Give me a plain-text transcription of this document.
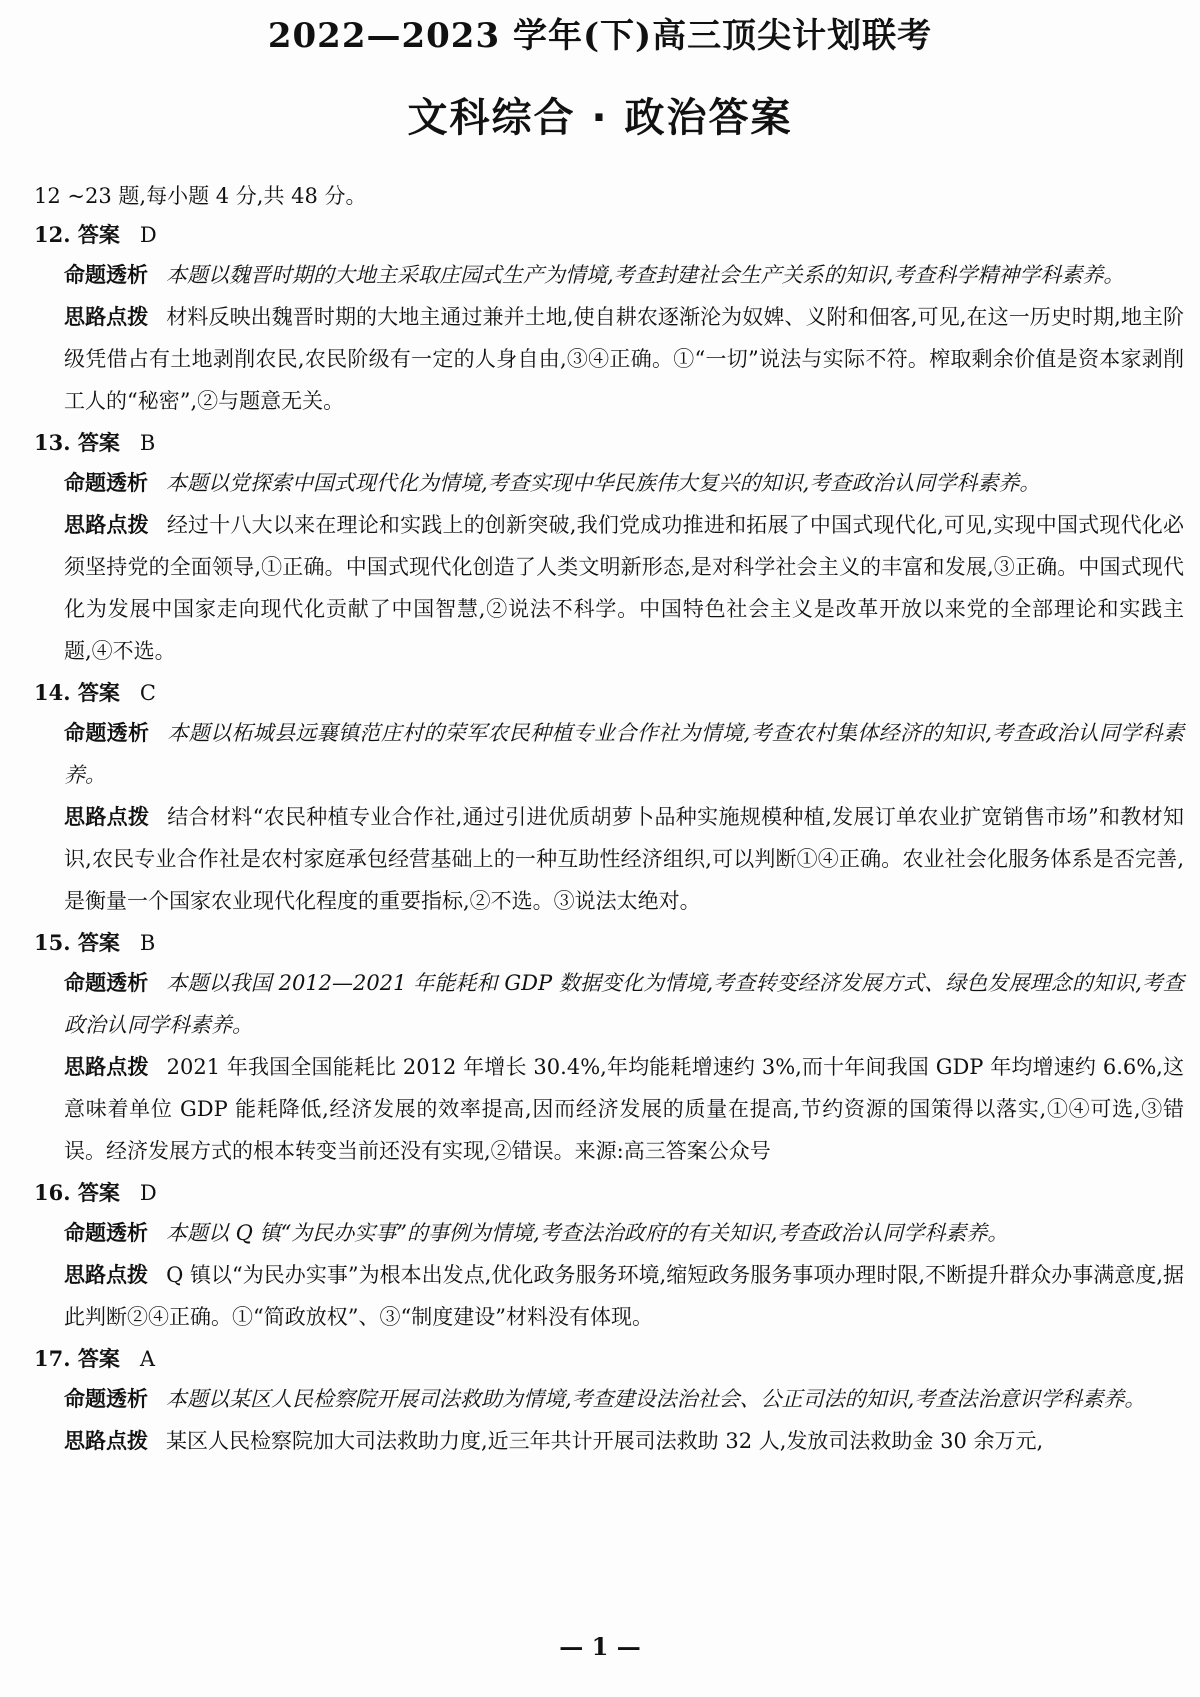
2022—2023 学年(下)高三顶尖计划联考
文科综合 · 政治答案
12 ~23 题,每小题 4 分,共 48 分。
12. 答案 D
命题透析 本题以魏晋时期的大地主采取庄园式生产为情境,考查封建社会生产关系的知识,考查科学精神学科素养。
思路点拨 材料反映出魏晋时期的大地主通过兼并土地,使自耕农逐渐沦为奴婢、义附和佃客,可见,在这一历史时期,地主阶级凭借占有土地剥削农民,农民阶级有一定的人身自由,③④正确。①“一切”说法与实际不符。榨取剩余价值是资本家剥削工人的“秘密”,②与题意无关。
13. 答案 B
命题透析 本题以党探索中国式现代化为情境,考查实现中华民族伟大复兴的知识,考查政治认同学科素养。
思路点拨 经过十八大以来在理论和实践上的创新突破,我们党成功推进和拓展了中国式现代化,可见,实现中国式现代化必须坚持党的全面领导,①正确。中国式现代化创造了人类文明新形态,是对科学社会主义的丰富和发展,③正确。中国式现代化为发展中国家走向现代化贡献了中国智慧,②说法不科学。中国特色社会主义是改革开放以来党的全部理论和实践主题,④不选。
14. 答案 C
命题透析 本题以柘城县远襄镇范庄村的荣军农民种植专业合作社为情境,考查农村集体经济的知识,考查政治认同学科素养。
思路点拨 结合材料“农民种植专业合作社,通过引进优质胡萝卜品种实施规模种植,发展订单农业扩宽销售市场”和教材知识,农民专业合作社是农村家庭承包经营基础上的一种互助性经济组织,可以判断①④正确。农业社会化服务体系是否完善,是衡量一个国家农业现代化程度的重要指标,②不选。③说法太绝对。
15. 答案 B
命题透析 本题以我国 2012—2021 年能耗和 GDP 数据变化为情境,考查转变经济发展方式、绿色发展理念的知识,考查政治认同学科素养。
思路点拨 2021 年我国全国能耗比 2012 年增长 30.4%,年均能耗增速约 3%,而十年间我国 GDP 年均增速约 6.6%,这意味着单位 GDP 能耗降低,经济发展的效率提高,因而经济发展的质量在提高,节约资源的国策得以落实,①④可选,③错误。经济发展方式的根本转变当前还没有实现,②错误。来源:高三答案公众号
16. 答案 D
命题透析 本题以 Q 镇“为民办实事”的事例为情境,考查法治政府的有关知识,考查政治认同学科素养。
思路点拨 Q 镇以“为民办实事”为根本出发点,优化政务服务环境,缩短政务服务事项办理时限,不断提升群众办事满意度,据此判断②④正确。①“简政放权”、③“制度建设”材料没有体现。
17. 答案 A
命题透析 本题以某区人民检察院开展司法救助为情境,考查建设法治社会、公正司法的知识,考查法治意识学科素养。
思路点拨 某区人民检察院加大司法救助力度,近三年共计开展司法救助 32 人,发放司法救助金 30 余万元,
— 1 —
